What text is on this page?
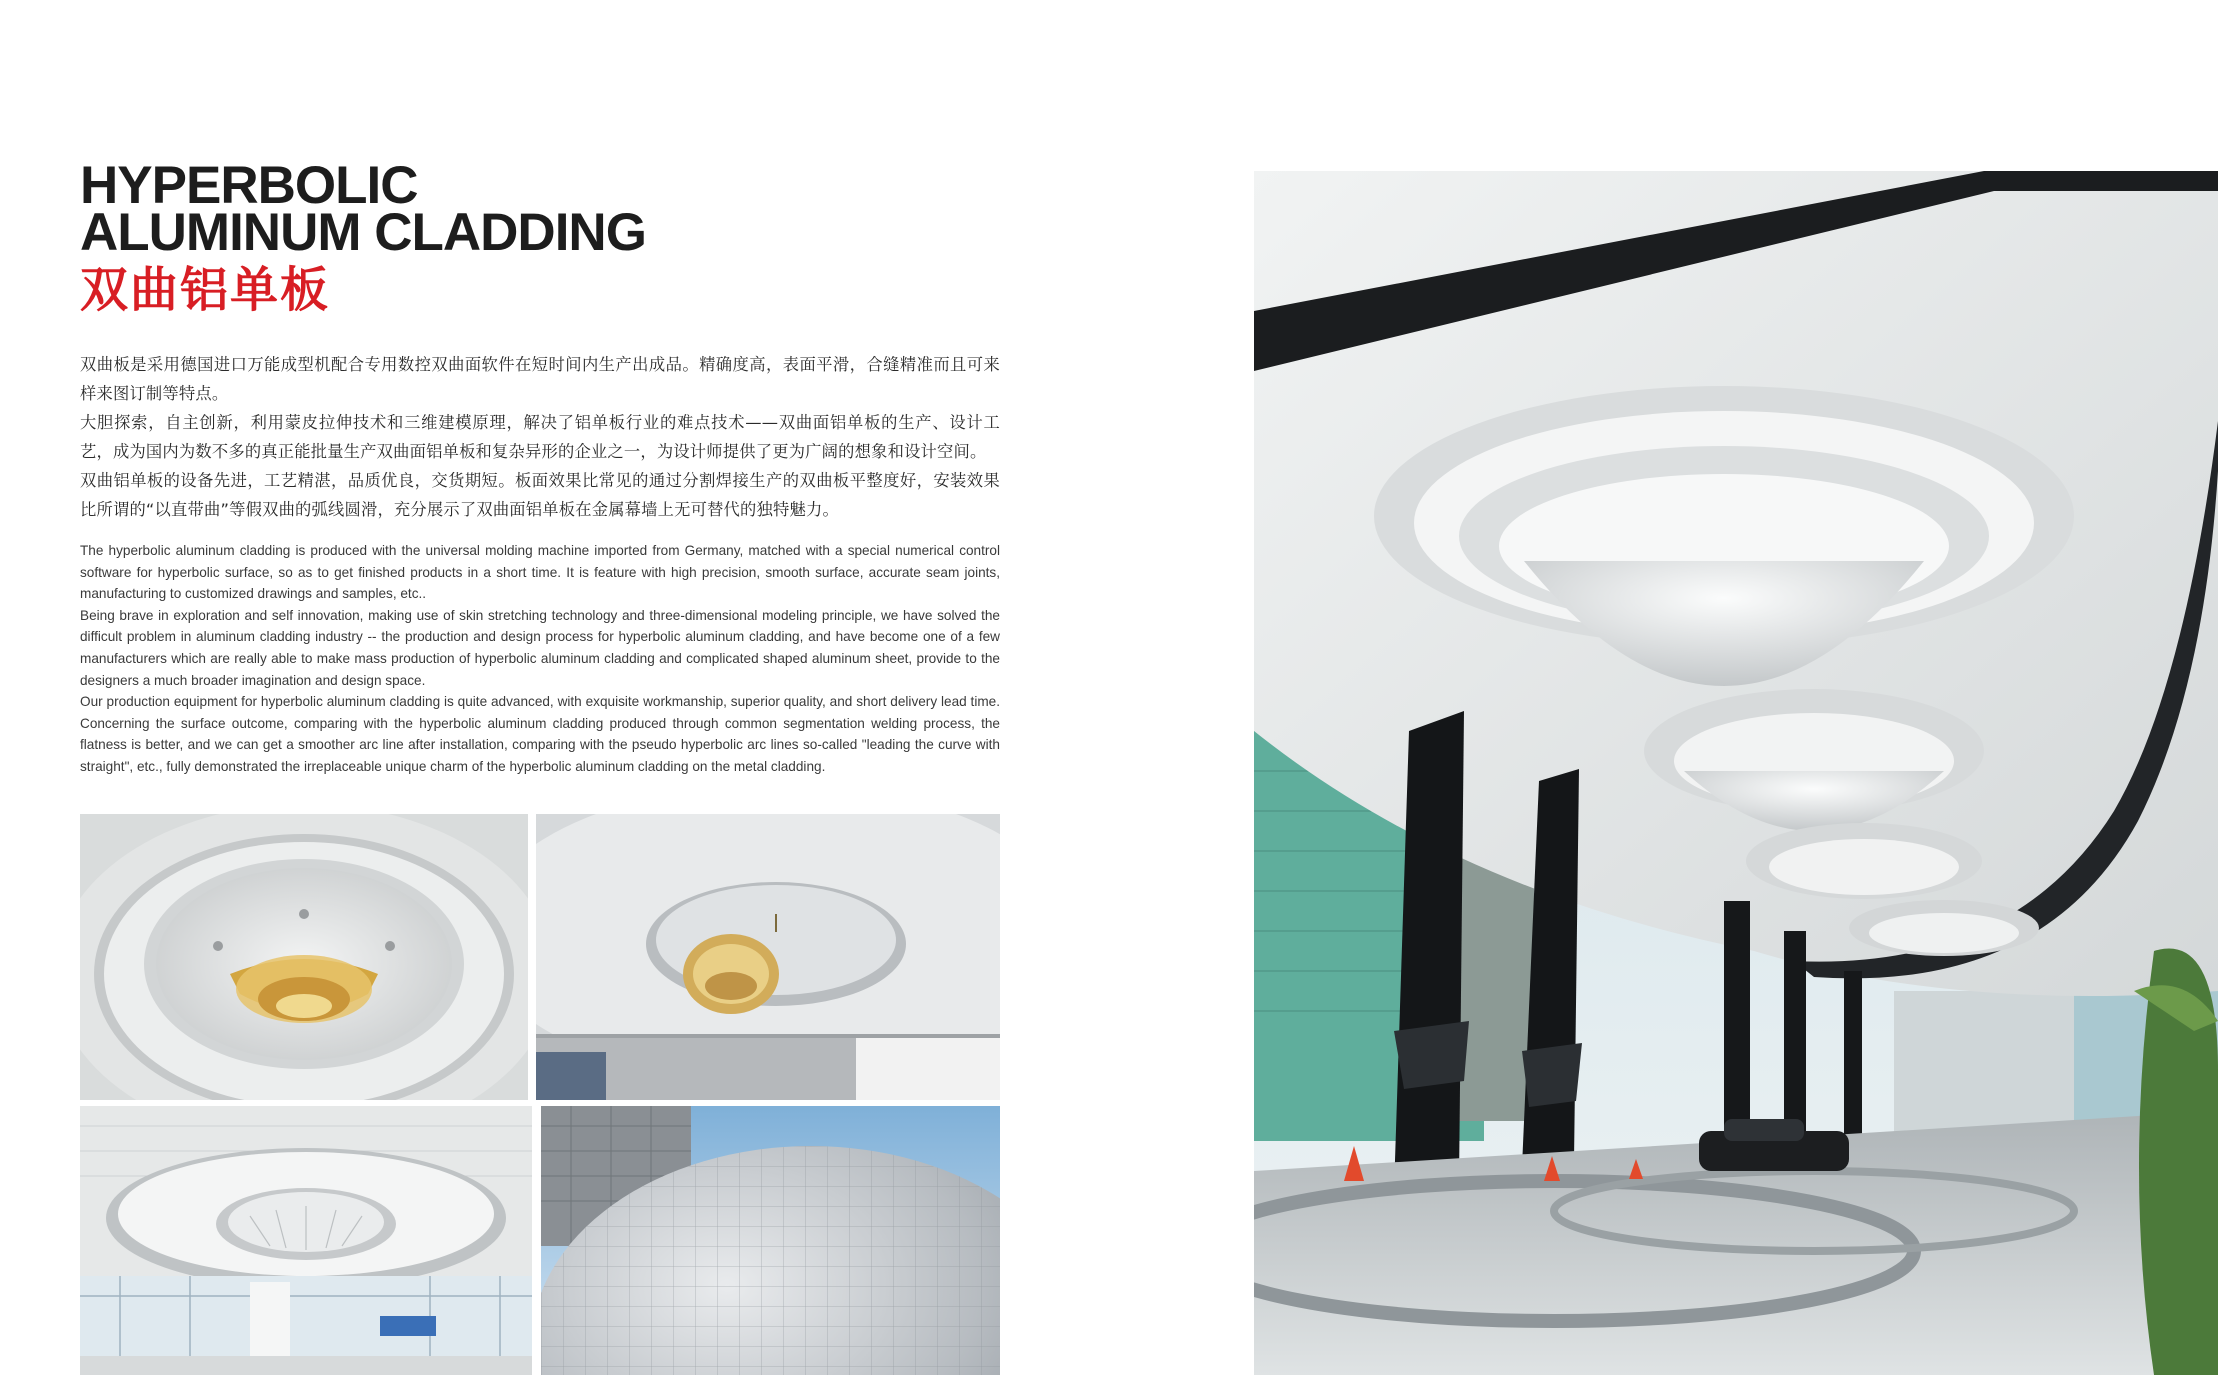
HYPERBOLIC
ALUMINUM CLADDING
双曲铝单板

双曲板是采用德国进口万能成型机配合专用数控双曲面软件在短时间内生产出成品。精确度高，表面平滑，合缝精准而且可来样来图订制等特点。

大胆探索，自主创新，利用蒙皮拉伸技术和三维建模原理，解决了铝单板行业的难点技术——双曲面铝单板的生产、设计工艺，成为国内为数不多的真正能批量生产双曲面铝单板和复杂异形的企业之一，为设计师提供了更为广阔的想象和设计空间。

双曲铝单板的设备先进，工艺精湛，品质优良，交货期短。板面效果比常见的通过分割焊接生产的双曲板平整度好，安装效果比所谓的“以直带曲”等假双曲的弧线圆滑，充分展示了双曲面铝单板在金属幕墙上无可替代的独特魅力。

The hyperbolic aluminum cladding is produced with the universal molding machine imported from Germany, matched with a special numerical control software for hyperbolic surface, so as to get finished products in a short time. It is feature with high precision, smooth surface, accurate seam joints, manufacturing to customized drawings and samples, etc..

Being brave in exploration and self innovation, making use of skin stretching technology and three-dimensional modeling principle, we have solved the difficult problem in aluminum cladding industry -- the production and design process for hyperbolic aluminum cladding, and have become one of a few manufacturers which are really able to make mass production of hyperbolic aluminum cladding and complicated shaped aluminum sheet, provide to the designers a much broader imagination and design space.

Our production equipment for hyperbolic aluminum cladding is quite advanced, with exquisite workmanship, superior quality, and short delivery lead time. Concerning the surface outcome, comparing with the hyperbolic aluminum cladding produced through common segmentation welding process, the flatness is better, and we can get a smoother arc line after installation, comparing with the pseudo hyperbolic arc lines so-called "leading the curve with straight", etc., fully demonstrated the irreplaceable unique charm of the hyperbolic aluminum cladding on the metal cladding.
